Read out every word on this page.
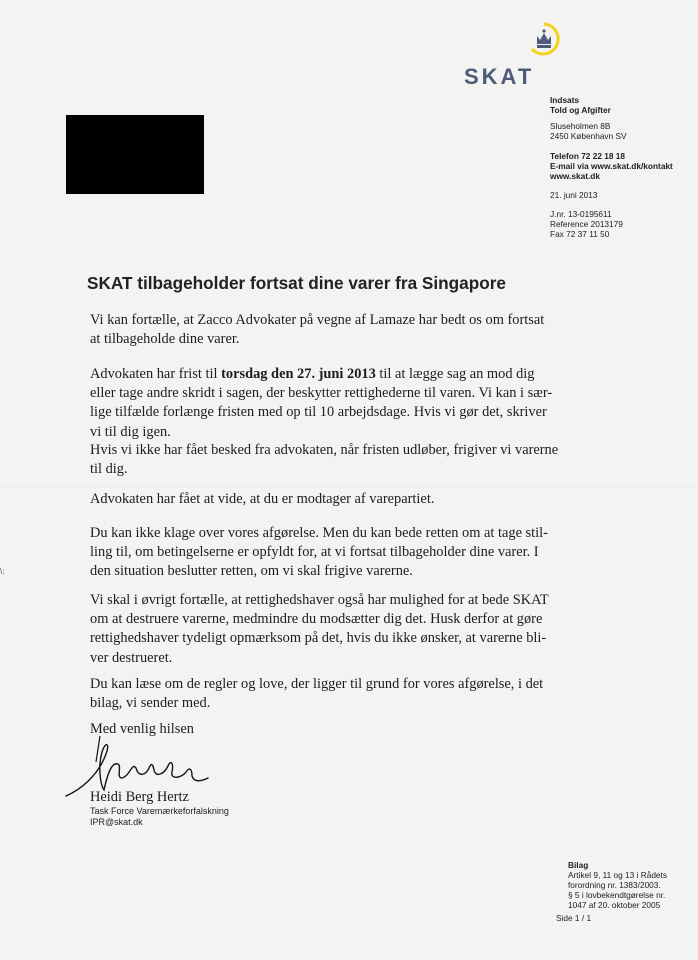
SKAT
Indsats
Told og Afgifter
Sluseholmen 8B
2450 København SV
Telefon 72 22 18 18
E-mail via www.skat.dk/kontakt
www.skat.dk
21. juni 2013
J.nr. 13-0195611
Reference 2013179
Fax 72 37 11 50
SKAT tilbageholder fortsat dine varer fra Singapore
Vi kan fortælle, at Zacco Advokater på vegne af Lamaze har bedt os om fortsat
at tilbageholde dine varer.
Advokaten har frist til torsdag den 27. juni 2013 til at lægge sag an mod dig
eller tage andre skridt i sagen, der beskytter rettighederne til varen. Vi kan i sær-
lige tilfælde forlænge fristen med op til 10 arbejdsdage. Hvis vi gør det, skriver
vi til dig igen.
Hvis vi ikke har fået besked fra advokaten, når fristen udløber, frigiver vi varerne
til dig.
Advokaten har fået at vide, at du er modtager af varepartiet.
Du kan ikke klage over vores afgørelse. Men du kan bede retten om at tage stil-
ling til, om betingelserne er opfyldt for, at vi fortsat tilbageholder dine varer. I
den situation beslutter retten, om vi skal frigive varerne.
Vi skal i øvrigt fortælle, at rettighedshaver også har mulighed for at bede SKAT
om at destruere varerne, medmindre du modsætter dig det. Husk derfor at gøre
rettighedshaver tydeligt opmærksom på det, hvis du ikke ønsker, at varerne bli-
ver destrueret.
Du kan læse om de regler og love, der ligger til grund for vores afgørelse, i det
bilag, vi sender med.
Med venlig hilsen
Heidi Berg Hertz
Task Force Varemærkeforfalskning
IPR@skat.dk
Bilag
Artikel 9, 11 og 13 i Rådets
forordning nr. 1383/2003.
§ 5 i lovbekendtgørelse nr.
1047 af 20. oktober 2005
Side 1 / 1
\:
